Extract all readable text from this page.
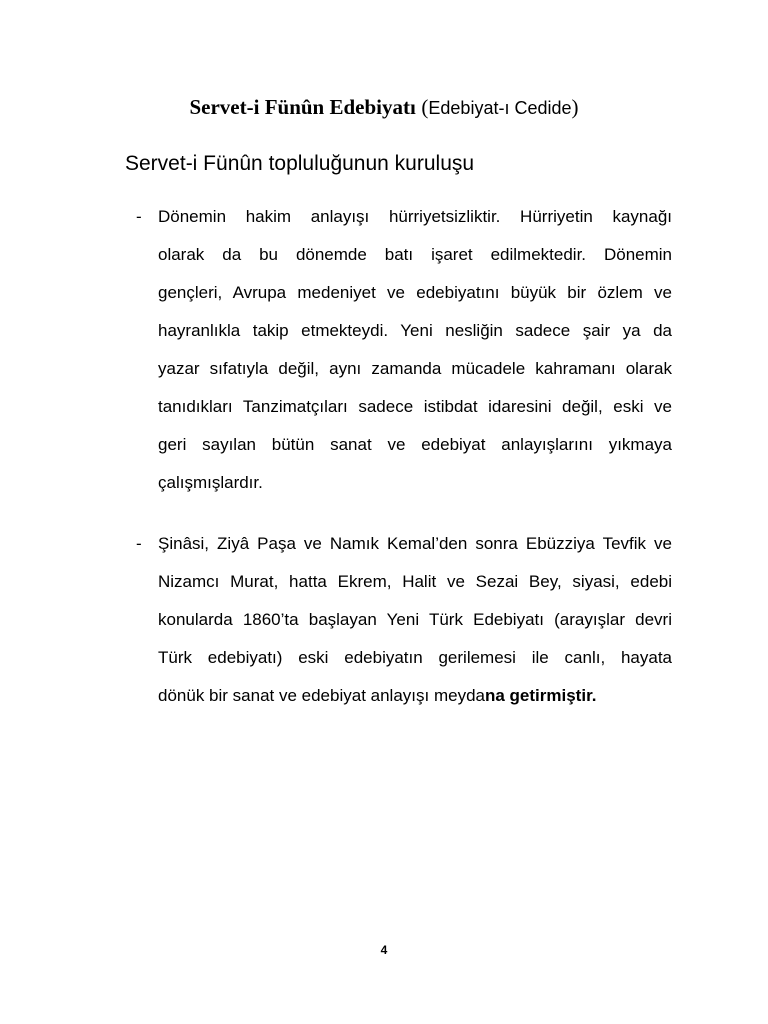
Servet-i Fünûn Edebiyatı (Edebiyat-ı Cedide)
Servet-i Fünûn topluluğunun kuruluşu
- Dönemin hakim anlayışı hürriyetsizliktir. Hürriyetin kaynağı
olarak da bu dönemde batı işaret edilmektedir. Dönemin
gençleri, Avrupa medeniyet ve edebiyatını büyük bir özlem ve
hayranlıkla takip etmekteydi. Yeni nesliğin sadece şair ya da
yazar sıfatıyla değil, aynı zamanda mücadele kahramanı olarak
tanıdıkları Tanzimatçıları sadece istibdat idaresini değil, eski ve
geri sayılan bütün sanat ve edebiyat anlayışlarını yıkmaya
çalışmışlardır.
- Şinâsi, Ziyâ Paşa ve Namık Kemal’den sonra Ebüzziya Tevfik ve
Nizamcı Murat, hatta Ekrem, Halit ve Sezai Bey, siyasi, edebi
konularda 1860’ta başlayan Yeni Türk Edebiyatı (arayışlar devri
Türk edebiyatı) eski edebiyatın gerilemesi ile canlı, hayata
dönük bir sanat ve edebiyat anlayışı meydana getirmiştir.
4
